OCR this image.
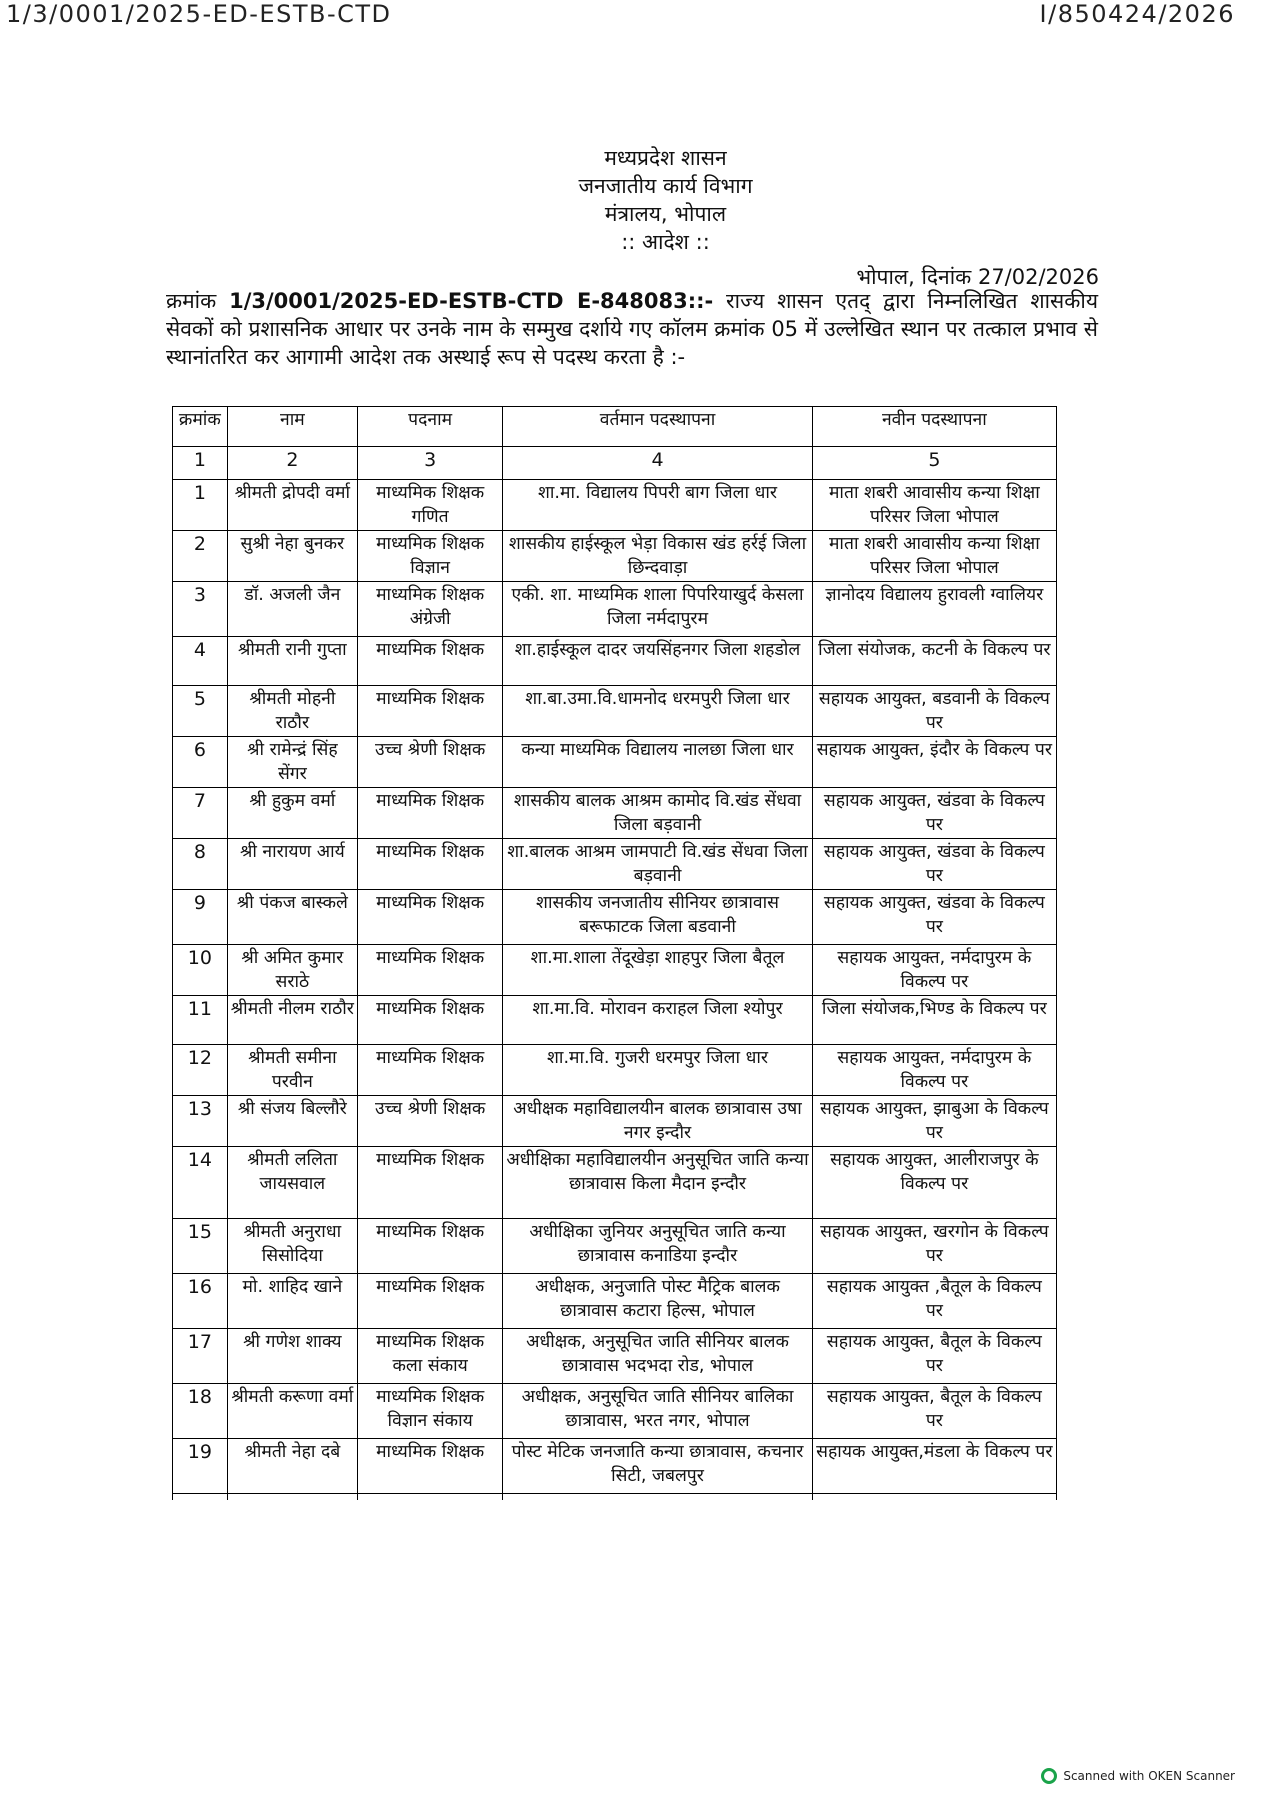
1/3/0001/2025-ED-ESTB-CTD	I/850424/2026
मध्यप्रदेश शासन
जनजातीय कार्य विभाग
मंत्रालय, भोपाल
:: आदेश ::
भोपाल, दिनांक 27/02/2026
क्रमांक 1/3/0001/2025-ED-ESTB-CTD E-848083::- राज्य शासन एतद् द्वारा निम्नलिखित शासकीय सेवकों को प्रशासनिक आधार पर उनके नाम के सम्मुख दर्शाये गए कॉलम क्रमांक 05 में उल्लेखित स्थान पर तत्काल प्रभाव से स्थानांतरित कर आगामी आदेश तक अस्थाई रूप से पदस्थ करता है :-
क्रमांक	नाम	पदनाम	वर्तमान पदस्थापना	नवीन पदस्थापना
1	2	3	4	5
1	श्रीमती द्रोपदी वर्मा	माध्यमिक शिक्षक गणित	शा.मा. विद्यालय पिपरी बाग जिला धार	माता शबरी आवासीय कन्या शिक्षा परिसर जिला भोपाल
2	सुश्री नेहा बुनकर	माध्यमिक शिक्षक विज्ञान	शासकीय हाईस्कूल भेड़ा विकास खंड हर्रई जिला छिन्दवाड़ा	माता शबरी आवासीय कन्या शिक्षा परिसर जिला भोपाल
3	डॉ. अजली जैन	माध्यमिक शिक्षक अंग्रेजी	एकी. शा. माध्यमिक शाला पिपरियाखुर्द केसला जिला नर्मदापुरम	ज्ञानोदय विद्यालय हुरावली ग्वालियर
4	श्रीमती रानी गुप्ता	माध्यमिक शिक्षक	शा.हाईस्कूल दादर जयसिंहनगर जिला शहडोल	जिला संयोजक, कटनी के विकल्प पर
5	श्रीमती मोहनी राठौर	माध्यमिक शिक्षक	शा.बा.उमा.वि.धामनोद धरमपुरी जिला धार	सहायक आयुक्त, बडवानी के विकल्प पर
6	श्री रामेन्द्रं सिंह सेंगर	उच्च श्रेणी शिक्षक	कन्या माध्यमिक विद्यालय नालछा जिला धार	सहायक आयुक्त, इंदौर के विकल्प पर
7	श्री हुकुम वर्मा	माध्यमिक शिक्षक	शासकीय बालक आश्रम कामोद वि.खंड सेंधवा जिला बड़वानी	सहायक आयुक्त, खंडवा के विकल्प पर
8	श्री नारायण आर्य	माध्यमिक शिक्षक	शा.बालक आश्रम जामपाटी वि.खंड सेंधवा जिला बड़वानी	सहायक आयुक्त, खंडवा के विकल्प पर
9	श्री पंकज बास्कले	माध्यमिक शिक्षक	शासकीय जनजातीय सीनियर छात्रावास बरूफाटक जिला बडवानी	सहायक आयुक्त, खंडवा के विकल्प पर
10	श्री अमित कुमार सराठे	माध्यमिक शिक्षक	शा.मा.शाला तेंदूखेड़ा शाहपुर जिला बैतूल	सहायक आयुक्त, नर्मदापुरम के विकल्प पर
11	श्रीमती नीलम राठौर	माध्यमिक शिक्षक	शा.मा.वि. मोरावन कराहल जिला श्योपुर	जिला संयोजक,भिण्ड के विकल्प पर
12	श्रीमती समीना परवीन	माध्यमिक शिक्षक	शा.मा.वि. गुजरी धरमपुर जिला धार	सहायक आयुक्त, नर्मदापुरम के विकल्प पर
13	श्री संजय बिल्लौरे	उच्च श्रेणी शिक्षक	अधीक्षक महाविद्यालयीन बालक छात्रावास उषा नगर इन्दौर	सहायक आयुक्त, झाबुआ के विकल्प पर
14	श्रीमती ललिता जायसवाल	माध्यमिक शिक्षक	अधीक्षिका महाविद्यालयीन अनुसूचित जाति कन्या छात्रावास किला मैदान इन्दौर	सहायक आयुक्त, आलीराजपुर के विकल्प पर
15	श्रीमती अनुराधा सिसोदिया	माध्यमिक शिक्षक	अधीक्षिका जुनियर अनुसूचित जाति कन्या छात्रावास कनाडिया इन्दौर	सहायक आयुक्त, खरगोन के विकल्प पर
16	मो. शाहिद खाने	माध्यमिक शिक्षक	अधीक्षक, अनुजाति पोस्ट मैट्रिक बालक छात्रावास कटारा हिल्स, भोपाल	सहायक आयुक्त ,बैतूल के विकल्प पर
17	श्री गणेश शाक्य	माध्यमिक शिक्षक कला संकाय	अधीक्षक, अनुसूचित जाति सीनियर बालक छात्रावास भदभदा रोड, भोपाल	सहायक आयुक्त, बैतूल के विकल्प पर
18	श्रीमती करूणा वर्मा	माध्यमिक शिक्षक विज्ञान संकाय	अधीक्षक, अनुसूचित जाति सीनियर बालिका छात्रावास, भरत नगर, भोपाल	सहायक आयुक्त, बैतूल के विकल्प पर
19	श्रीमती नेहा दबे	माध्यमिक शिक्षक	पोस्ट मेटिक जनजाति कन्या छात्रावास, कचनार सिटी, जबलपुर	सहायक आयुक्त,मंडला के विकल्प पर

Scanned with OKEN Scanner
